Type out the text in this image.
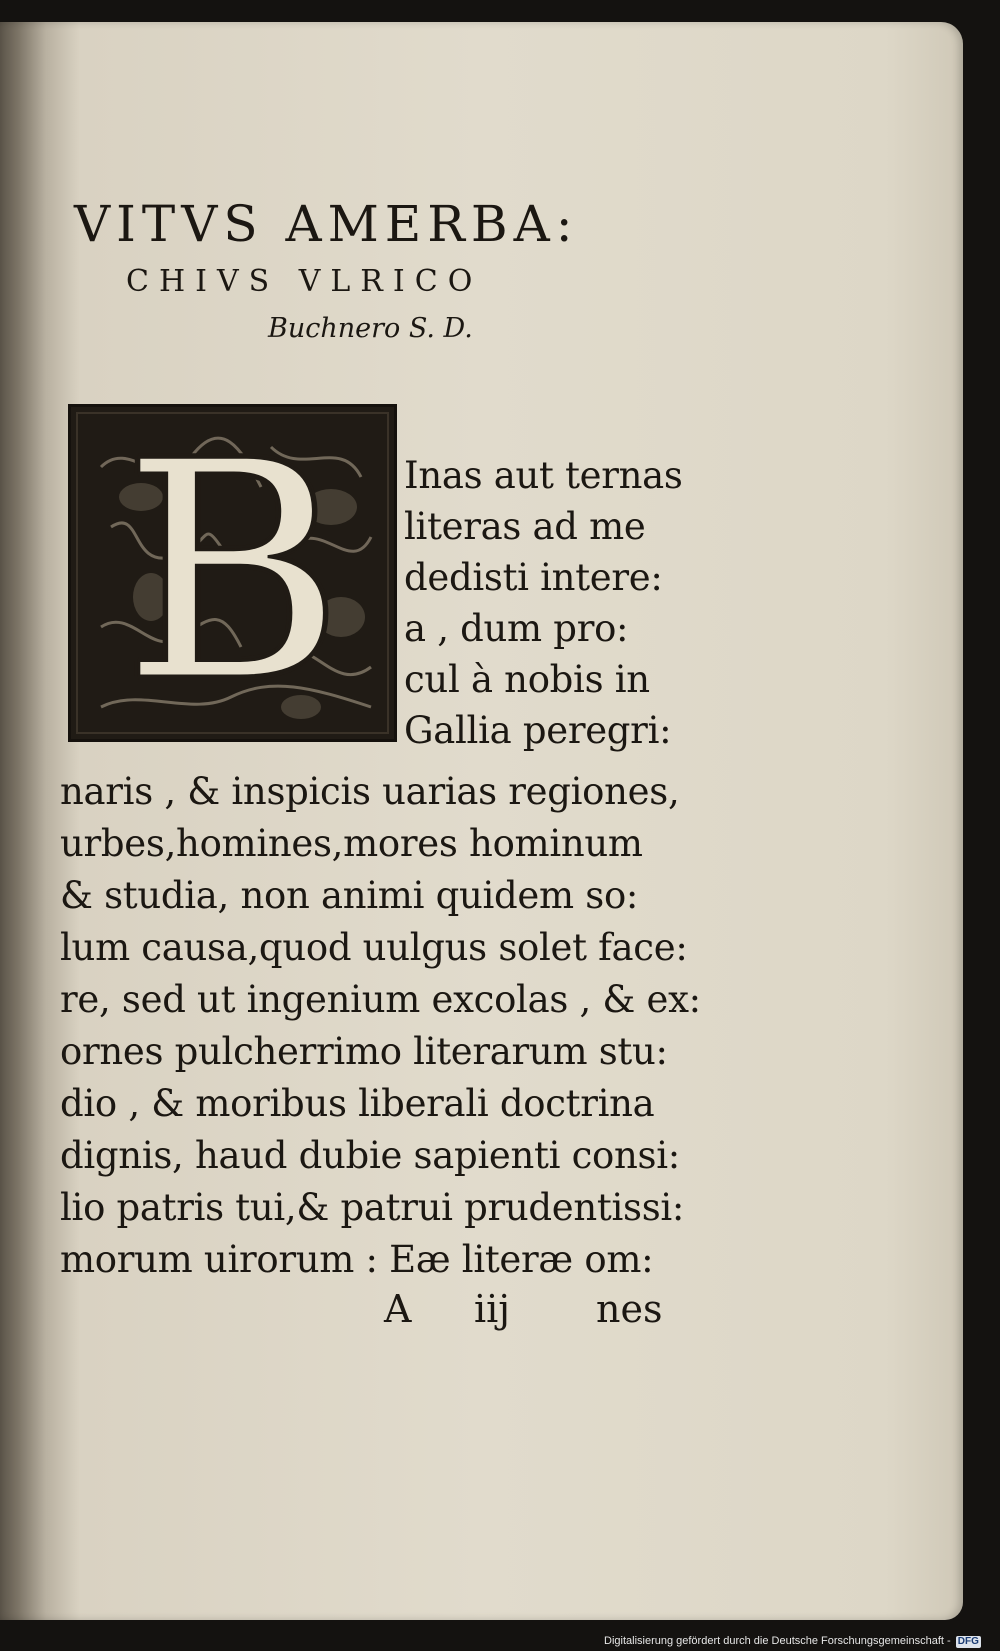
VITVS AMERBA:

CHIVS VLRICO

Buchnero S. D.

B	Inas aut ternas

literas ad me

dedisti intere:

a , dum pro:

cul à nobis in

Gallia peregri:

naris , & inspicis uarias regiones,

urbes,homines,mores hominum

& studia, non animi quidem so:

lum causa,quod uulgus solet face:

re, sed ut ingenium excolas , & ex:

ornes pulcherrimo literarum stu:

dio , & moribus liberali doctrina

dignis, haud dubie sapienti consi:

lio patris tui,& patrui prudentissi:

morum uirorum : Eæ literæ om:

A iij nes
Digitalisierung gefördert durch die Deutsche Forschungsgemeinschaft - DFG
